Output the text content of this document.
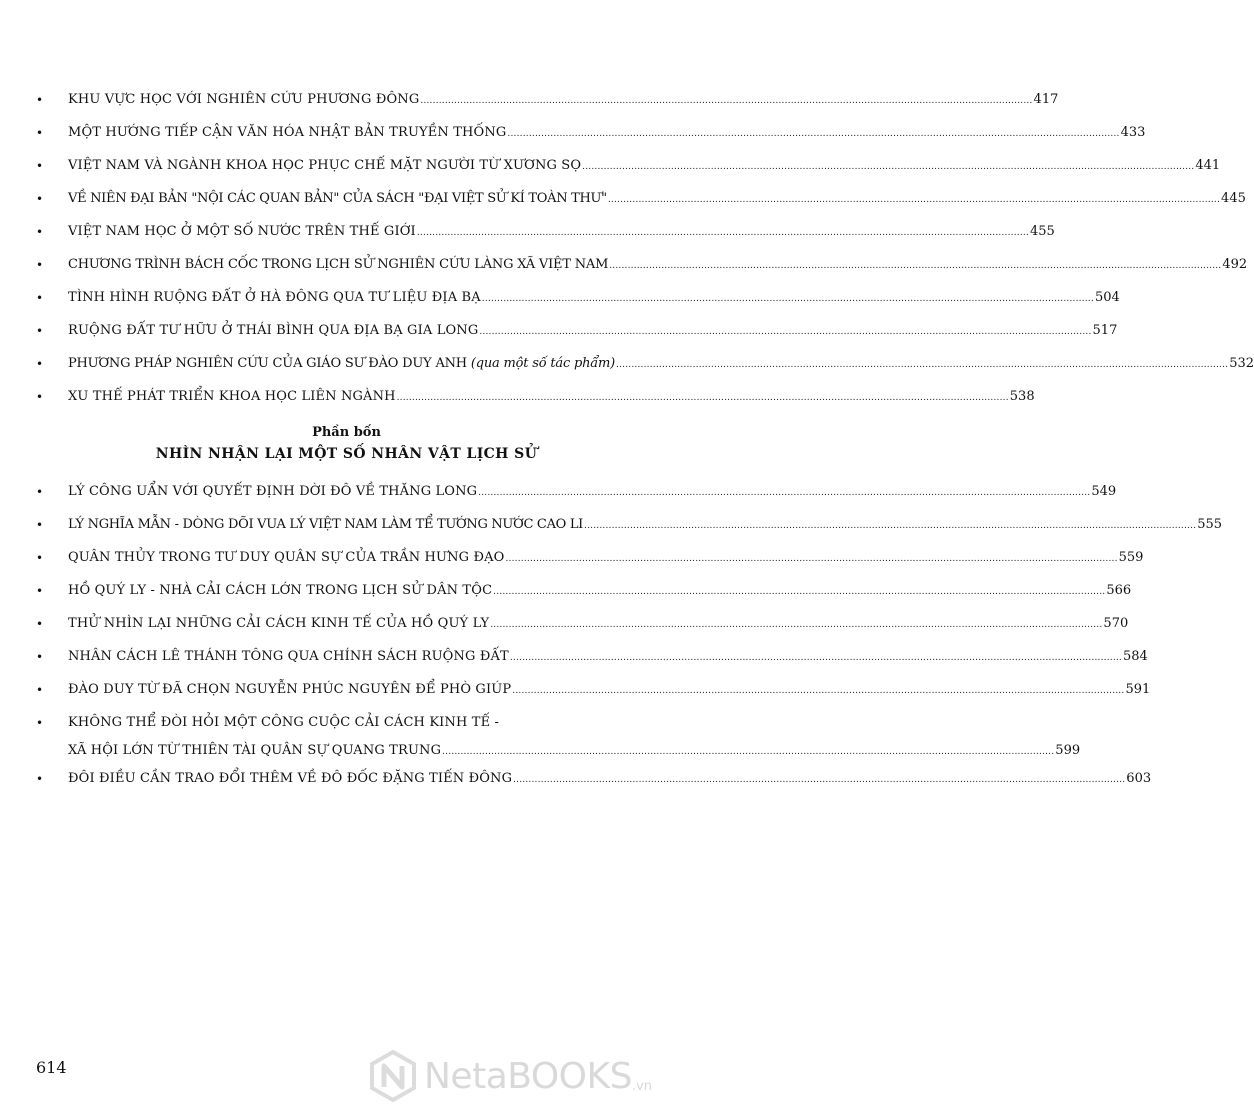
•	KHU VỰC HỌC VỚI NGHIÊN CỨU PHƯƠNG ĐÔNG ........................................................................................................................................................................................................ 417
•	MỘT HƯỚNG TIẾP CẬN VĂN HÓA NHẬT BẢN TRUYỀN THỐNG ........................................................................................................................................................................................................ 433
•	VIỆT NAM VÀ NGÀNH KHOA HỌC PHỤC CHẾ MẶT NGƯỜI TỪ XƯƠNG SỌ ........................................................................................................................................................................................................ 441
•	VỀ NIÊN ĐẠI BẢN "NỘI CÁC QUAN BẢN" CỦA SÁCH "ĐẠI VIỆT SỬ KÍ TOÀN THƯ" ........................................................................................................................................................................................................ 445
•	VIỆT NAM HỌC Ở MỘT SỐ NƯỚC TRÊN THẾ GIỚI ........................................................................................................................................................................................................ 455
•	CHƯƠNG TRÌNH BÁCH CỐC TRONG LỊCH SỬ NGHIÊN CỨU LÀNG XÃ VIỆT NAM ........................................................................................................................................................................................................ 492
•	TÌNH HÌNH RUỘNG ĐẤT Ở HÀ ĐÔNG QUA TƯ LIỆU ĐỊA BẠ ........................................................................................................................................................................................................ 504
•	RUỘNG ĐẤT TƯ HỮU Ở THÁI BÌNH QUA ĐỊA BẠ GIA LONG ........................................................................................................................................................................................................ 517
•	PHƯƠNG PHÁP NGHIÊN CỨU CỦA GIÁO SƯ ĐÀO DUY ANH (qua một số tác phẩm) ........................................................................................................................................................................................................ 532
•	XU THẾ PHÁT TRIỂN KHOA HỌC LIÊN NGÀNH ........................................................................................................................................................................................................ 538
Phần bốn
NHÌN NHẬN LẠI MỘT SỐ NHÂN VẬT LỊCH SỬ
•	LÝ CÔNG UẨN VỚI QUYẾT ĐỊNH DỜI ĐÔ VỀ THĂNG LONG ........................................................................................................................................................................................................ 549
•	LÝ NGHĨA MẪN - DÒNG DÕI VUA LÝ VIỆT NAM LÀM TỂ TƯỚNG NƯỚC CAO LI ........................................................................................................................................................................................................ 555
•	QUÂN THỦY TRONG TƯ DUY QUÂN SỰ CỦA TRẦN HƯNG ĐẠO ........................................................................................................................................................................................................ 559
•	HỒ QUÝ LY - NHÀ CẢI CÁCH LỚN TRONG LỊCH SỬ DÂN TỘC ........................................................................................................................................................................................................ 566
•	THỬ NHÌN LẠI NHỮNG CẢI CÁCH KINH TẾ CỦA HỒ QUÝ LY ........................................................................................................................................................................................................ 570
•	NHÂN CÁCH LÊ THÁNH TÔNG QUA CHÍNH SÁCH RUỘNG ĐẤT ........................................................................................................................................................................................................ 584
•	ĐÀO DUY TỪ ĐÃ CHỌN NGUYỄN PHÚC NGUYÊN ĐỂ PHÒ GIÚP ........................................................................................................................................................................................................ 591
•	KHÔNG THỂ ĐÒI HỎI MỘT CÔNG CUỘC CẢI CÁCH KINH TẾ -
XÃ HỘI LỚN TỪ THIÊN TÀI QUÂN SỰ QUANG TRUNG ........................................................................................................................................................................................................ 599
•	ĐÔI ĐIỀU CẦN TRAO ĐỔI THÊM VỀ ĐÔ ĐỐC ĐẶNG TIẾN ĐÔNG ........................................................................................................................................................................................................ 603
614	NetaBOOKS .vn
